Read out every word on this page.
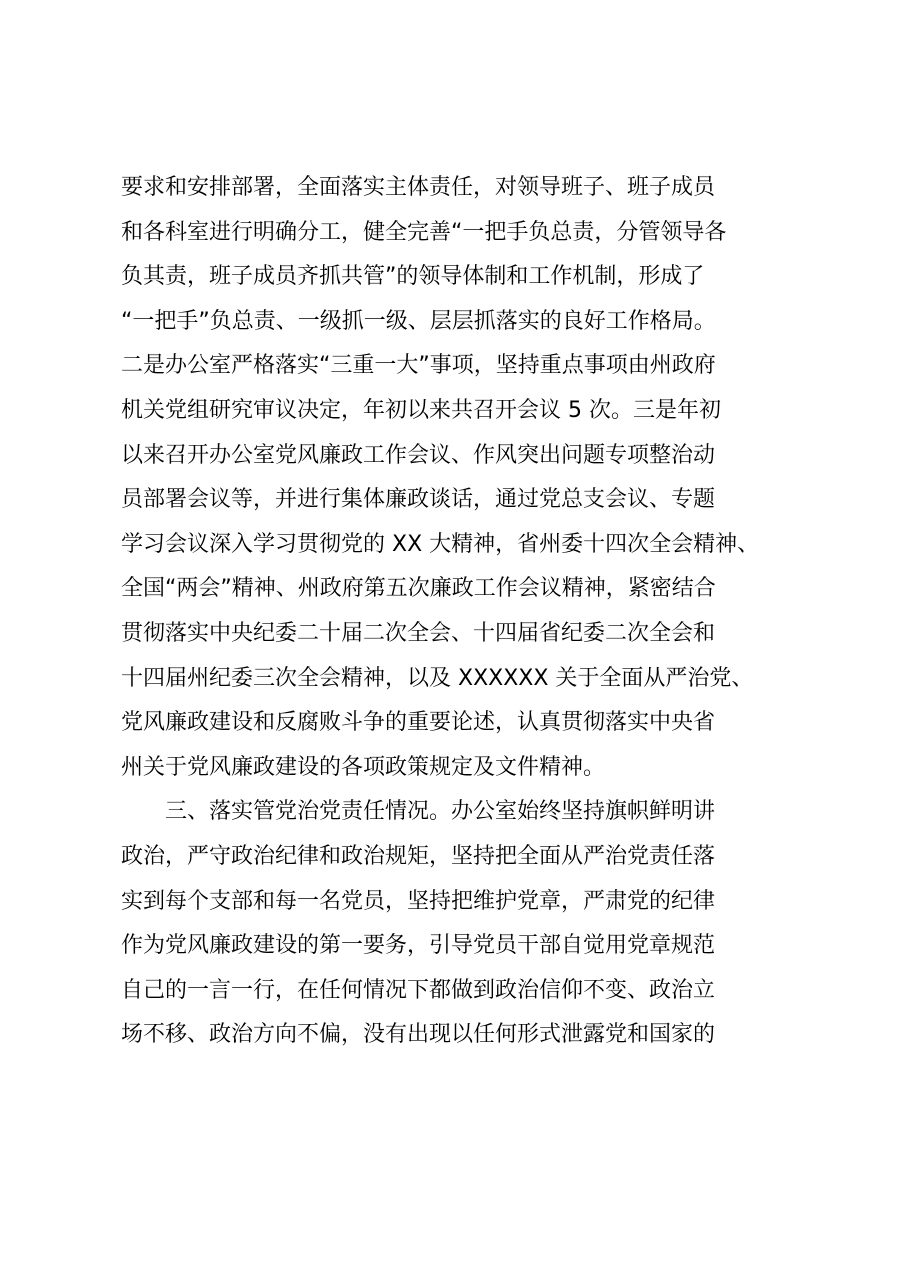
要求和安排部署，全面落实主体责任，对领导班子、班子成员
和各科室进行明确分工，健全完善“一把手负总责，分管领导各
负其责，班子成员齐抓共管”的领导体制和工作机制，形成了
“一把手”负总责、一级抓一级、层层抓落实的良好工作格局。
二是办公室严格落实“三重一大”事项，坚持重点事项由州政府
机关党组研究审议决定，年初以来共召开会议 5 次。三是年初
以来召开办公室党风廉政工作会议、作风突出问题专项整治动
员部署会议等，并进行集体廉政谈话，通过党总支会议、专题
学习会议深入学习贯彻党的 XX 大精神，省州委十四次全会精神、
全国“两会”精神、州政府第五次廉政工作会议精神，紧密结合
贯彻落实中央纪委二十届二次全会、十四届省纪委二次全会和
十四届州纪委三次全会精神，以及 XXXXXX 关于全面从严治党、
党风廉政建设和反腐败斗争的重要论述，认真贯彻落实中央省
州关于党风廉政建设的各项政策规定及文件精神。
三、落实管党治党责任情况。办公室始终坚持旗帜鲜明讲
政治，严守政治纪律和政治规矩，坚持把全面从严治党责任落
实到每个支部和每一名党员，坚持把维护党章，严肃党的纪律
作为党风廉政建设的第一要务，引导党员干部自觉用党章规范
自己的一言一行，在任何情况下都做到政治信仰不变、政治立
场不移、政治方向不偏，没有出现以任何形式泄露党和国家的
